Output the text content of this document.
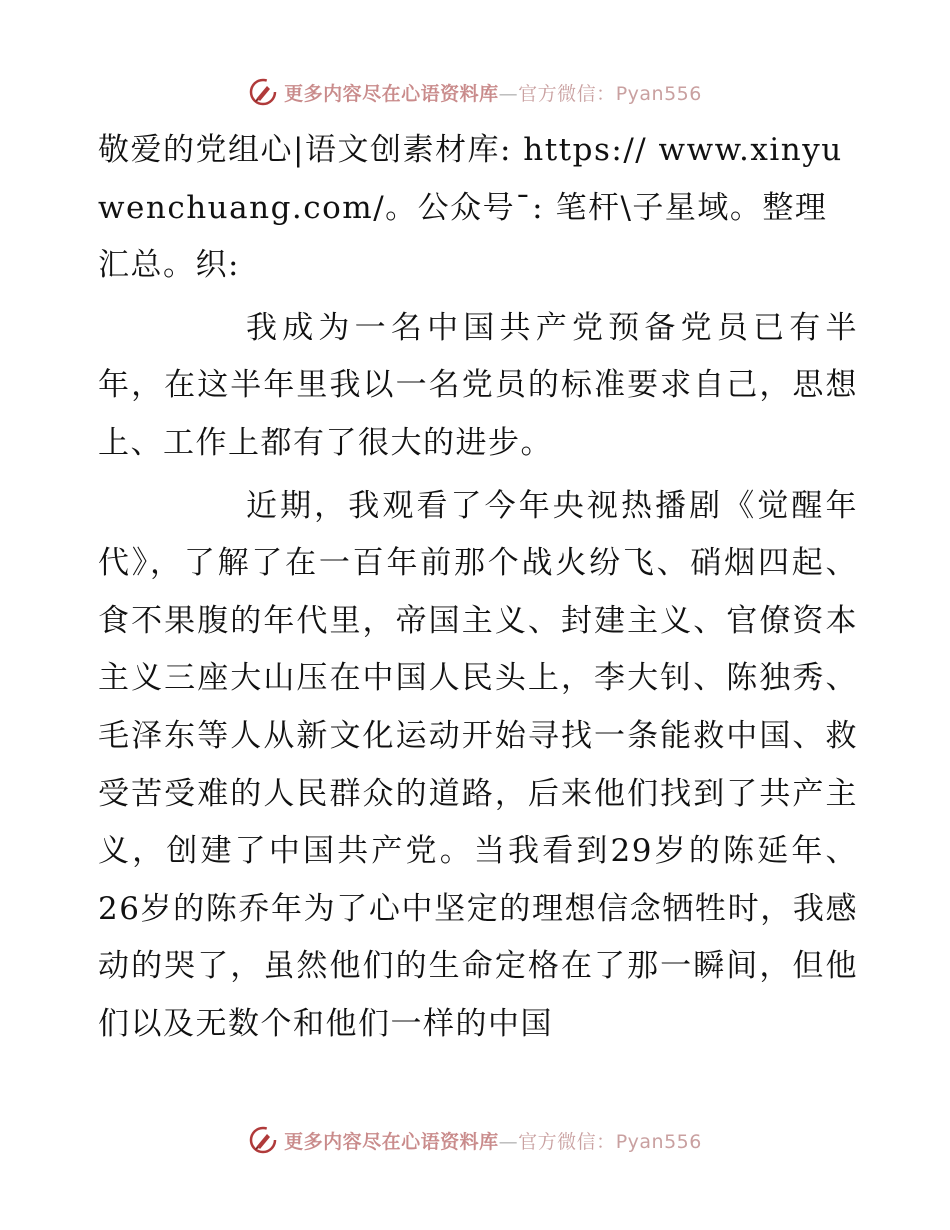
更多内容尽在心语资料库—官方微信：Pyan556

敬爱的党组心|语文创素材库: https:// www.xinyuwenchuang.com/。公众号¯: 笔杆\子星域。整理汇总。织:

我成为一名中国共产党预备党员已有半年，在这半年里我以一名党员的标准要求自己，思想上、工作上都有了很大的进步。

近期，我观看了今年央视热播剧《觉醒年代》，了解了在一百年前那个战火纷飞、硝烟四起、食不果腹的年代里，帝国主义、封建主义、官僚资本主义三座大山压在中国人民头上，李大钊、陈独秀、毛泽东等人从新文化运动开始寻找一条能救中国、救受苦受难的人民群众的道路，后来他们找到了共产主义，创建了中国共产党。当我看到29岁的陈延年、26岁的陈乔年为了心中坚定的理想信念牺牲时，我感动的哭了，虽然他们的生命定格在了那一瞬间，但他们以及无数个和他们一样的中国

更多内容尽在心语资料库—官方微信：Pyan556
